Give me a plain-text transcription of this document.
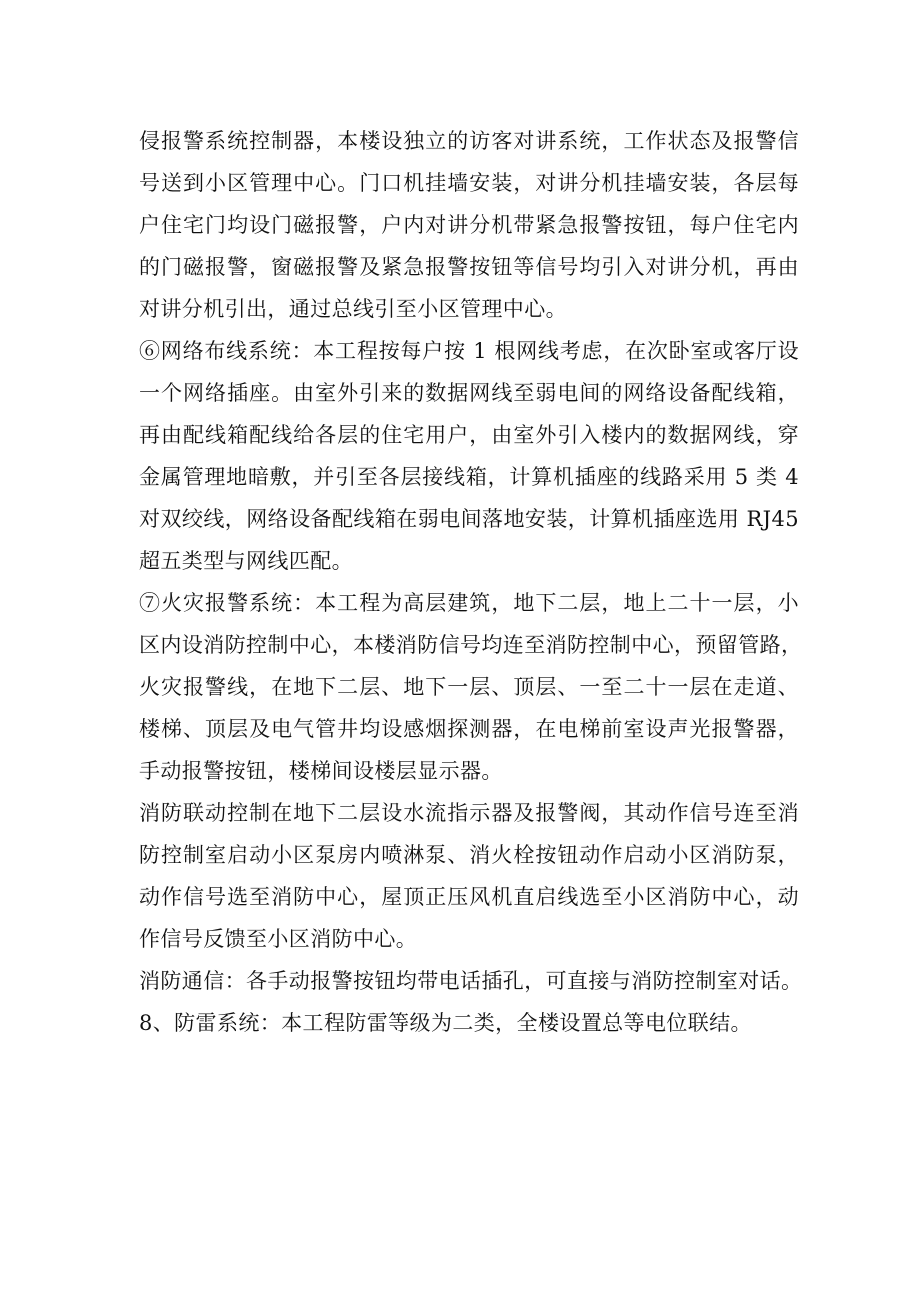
侵报警系统控制器，本楼设独立的访客对讲系统，工作状态及报警信
号送到小区管理中心。门口机挂墙安装，对讲分机挂墙安装，各层每
户住宅门均设门磁报警，户内对讲分机带紧急报警按钮，每户住宅内
的门磁报警，窗磁报警及紧急报警按钮等信号均引入对讲分机，再由
对讲分机引出，通过总线引至小区管理中心。
⑥网络布线系统：本工程按每户按 1 根网线考虑，在次卧室或客厅设
一个网络插座。由室外引来的数据网线至弱电间的网络设备配线箱，
再由配线箱配线给各层的住宅用户，由室外引入楼内的数据网线，穿
金属管理地暗敷，并引至各层接线箱，计算机插座的线路采用 5 类 4
对双绞线，网络设备配线箱在弱电间落地安装，计算机插座选用 RJ45
超五类型与网线匹配。
⑦火灾报警系统：本工程为高层建筑，地下二层，地上二十一层，小
区内设消防控制中心，本楼消防信号均连至消防控制中心，预留管路，
火灾报警线，在地下二层、地下一层、顶层、一至二十一层在走道、
楼梯、顶层及电气管井均设感烟探测器，在电梯前室设声光报警器，
手动报警按钮，楼梯间设楼层显示器。
消防联动控制在地下二层设水流指示器及报警阀，其动作信号连至消
防控制室启动小区泵房内喷淋泵、消火栓按钮动作启动小区消防泵，
动作信号选至消防中心，屋顶正压风机直启线选至小区消防中心，动
作信号反馈至小区消防中心。
消防通信：各手动报警按钮均带电话插孔，可直接与消防控制室对话。
8、防雷系统：本工程防雷等级为二类，全楼设置总等电位联结。
